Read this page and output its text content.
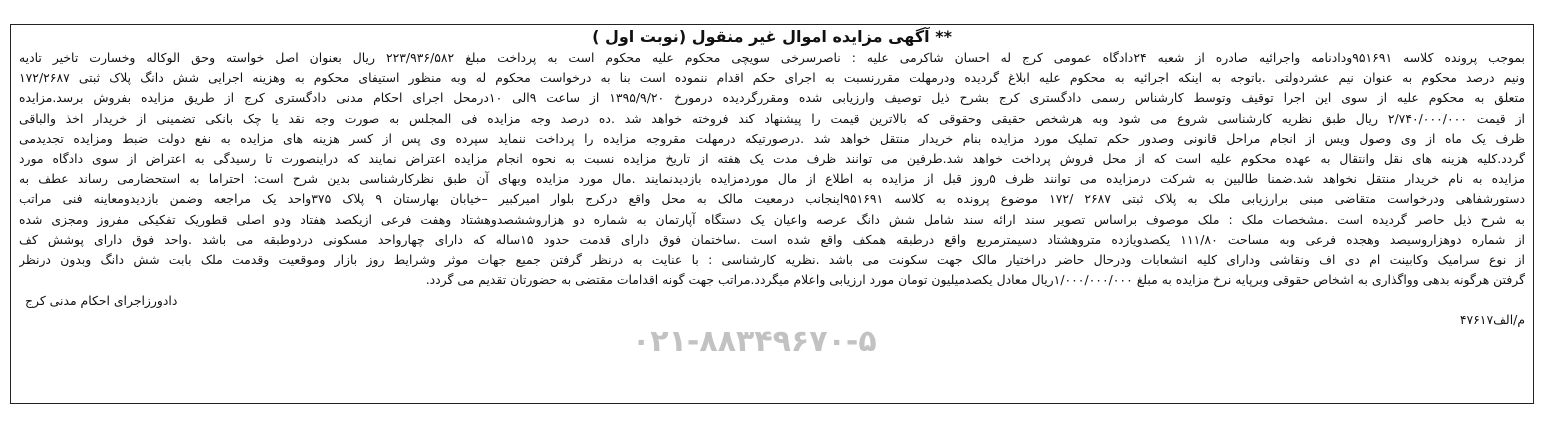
** آگهی مزایده اموال غیر منقول (نوبت اول )
بموجب پرونده کلاسه ۹۵۱۶۹۱وداد‌نامه واجرائیه صادره از شعبه ۲۴دادگاه عمومی کرج له احسان شاکرمی علیه : ناصرسرخی سویچی محکوم علیه محکوم است به پرداخت مبلغ ۲۲۳/۹۳۶/۵۸۲ ریال بعنوان اصل خواسته وحق الوکاله وخسارت تاخیر تادیه
ونیم درصد محکوم به عنوان نیم عشردولتی .باتوجه به اینکه اجرائیه به محکوم علیه ابلاغ گردیده ودرمهلت مقررنسبت به اجرای حکم اقدام ننموده است بنا به درخواست محکوم له وبه منظور استیفای محکوم به وهزینه اجرایی شش دانگ پلاک ثبتی ۱۷۲/۲۶۸۷
متعلق به محکوم علیه از سوی این اجرا توقیف وتوسط کارشناس رسمی دادگستری کرج بشرح ذیل توصیف وارزیابی شده ومقررگردیده درمورخ ۱۳۹۵/۹/۲۰ از ساعت ۹الی ۱۰درمحل اجرای احکام مدنی دادگستری کرج از طریق مزایده بفروش برسد.مزایده
از قیمت ۲/۷۴۰/۰۰۰/۰۰۰ ریال طبق نظریه کارشناسی شروع می شود وبه هرشخص حقیقی وحقوقی که بالاترین قیمت را پیشنهاد کند فروخته خواهد شد .ده درصد وجه مزایده فی المجلس به صورت وجه نقد یا چک بانکی تضمینی از خریدار اخذ والباقی
ظرف یک ماه از وی وصول ویس از انجام مراحل قانونی وصدور حکم تملیک مورد مزایده بنام خریدار منتقل خواهد شد .درصورتیکه درمهلت مقروجه مزایده را پرداخت ننماید سپرده وی پس از کسر هزینه های مزایده به نفع دولت ضبط ومزایده تجدیدمی
گردد.کلیه هزینه های نقل وانتقال به عهده محکوم علیه است که از محل فروش پرداخت خواهد شد.طرفین می توانند ظرف مدت یک هفته از تاریخ مزایده نسبت به نحوه انجام مزایده اعتراض نمایند که دراینصورت تا رسیدگی به اعتراض از سوی دادگاه مورد
مزایده به نام خریدار منتقل نخواهد شد.ضمنا طالبین به شرکت درمزایده می توانند ظرف ۵روز قبل از مزایده به اطلاع از مال موردمزایده بازدیدنمایند .مال مورد مزایده وبهای آن طبق نظرکارشناسی بدین شرح است: احتراما به استحضارمی رساند عطف به
دستورشفاهی ودرخواست متقاضی مبنی برارزیابی ملک به پلاک ثبتی ۲۶۸۷ /۱۷۲ موضوع پرونده به کلاسه ۹۵۱۶۹۱اینجانب درمعیت مالک به محل واقع درکرج بلوار امیرکبیر –خیابان بهارستان ۹ پلاک ۳۷۵واحد یک مراجعه وضمن بازدیدومعاینه فنی مراتب
به شرح ذیل حاصر گردیده است .مشخصات ملک : ملک موصوف براساس تصویر سند ارائه سند شامل شش دانگ عرصه واعیان یک دستگاه آپارتمان به شماره دو هزاروششصدوهشتاد وهفت فرعی ازیکصد هفتاد ودو اصلی قطوریک تفکیکی مفروز ومجزی شده
از شماره دوهزاروسیصد وهجده فرعی وبه مساحت ۱۱۱/۸۰ یکصدویازده متروهشتاد دسیمترمربع واقع درطبقه همکف واقع شده است .ساختمان فوق دارای قدمت حدود ۱۵ساله که دارای چهارواحد مسکونی دردوطبقه می باشد .واحد فوق دارای پوشش کف
از نوع سرامیک وکابینت ام دی اف ونقاشی ودارای کلیه انشعابات ودرحال حاضر دراختیار مالک جهت سکونت می باشد .نظریه کارشناسی : با عنایت به درنظر گرفتن جمیع جهات موثر وشرایط روز بازار وموقعیت وقدمت ملک بابت شش دانگ وبدون درنظر
گرفتن هرگونه بدهی وواگذاری به اشخاص حقوقی وبرپایه نرخ مزایده به مبلغ ۱/۰۰۰/۰۰۰/۰۰۰ریال معادل یکصدمیلیون تومان مورد ارزیابی واعلام میگردد.مراتب جهت گونه اقدامات مقتضی به حضورتان تقدیم می گردد.
دادورزاجرای احکام مدنی کرج
م/الف۴۷۶۱۷
۰۲۱-۸۸۳۴۹۶۷۰-۵
